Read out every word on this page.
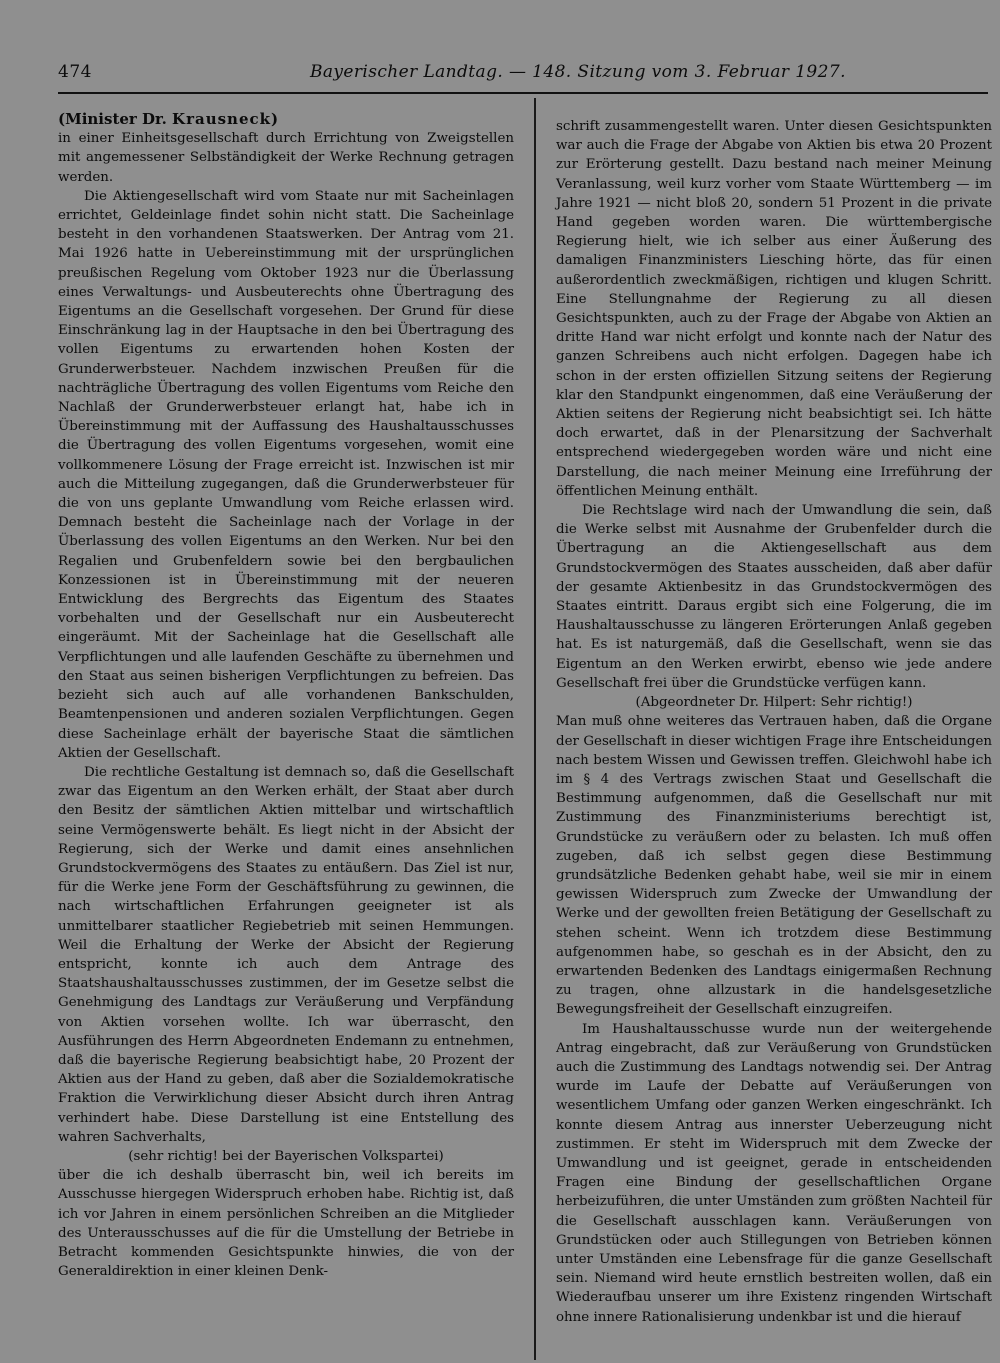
474	Bayerischer Landtag. — 148. Sitzung vom 3. Februar 1927.

(Minister Dr. Krausneck)

in einer Einheitsgesellschaft durch Errichtung von Zweigstellen mit angemessener Selbständigkeit der Werke Rechnung getragen werden.

Die Aktiengesellschaft wird vom Staate nur mit Sacheinlagen errichtet, Geldeinlage findet sohin nicht statt. Die Sacheinlage besteht in den vorhandenen Staatswerken. Der Antrag vom 21. Mai 1926 hatte in Uebereinstimmung mit der ursprünglichen preußischen Regelung vom Oktober 1923 nur die Überlassung eines Verwaltungs- und Ausbeuterechts ohne Übertragung des Eigentums an die Gesellschaft vorgesehen. Der Grund für diese Einschränkung lag in der Hauptsache in den bei Übertragung des vollen Eigentums zu erwartenden hohen Kosten der Grunderwerbsteuer. Nachdem inzwischen Preußen für die nachträgliche Übertragung des vollen Eigentums vom Reiche den Nachlaß der Grunderwerbsteuer erlangt hat, habe ich in Übereinstimmung mit der Auffassung des Haushaltausschusses die Übertragung des vollen Eigentums vorgesehen, womit eine vollkommenere Lösung der Frage erreicht ist. Inzwischen ist mir auch die Mitteilung zugegangen, daß die Grunderwerbsteuer für die von uns geplante Umwandlung vom Reiche erlassen wird. Demnach besteht die Sacheinlage nach der Vorlage in der Überlassung des vollen Eigentums an den Werken. Nur bei den Regalien und Grubenfeldern sowie bei den bergbaulichen Konzessionen ist in Übereinstimmung mit der neueren Entwicklung des Bergrechts das Eigentum des Staates vorbehalten und der Gesellschaft nur ein Ausbeuterecht eingeräumt. Mit der Sacheinlage hat die Gesellschaft alle Verpflichtungen und alle laufenden Geschäfte zu übernehmen und den Staat aus seinen bisherigen Verpflichtungen zu befreien. Das bezieht sich auch auf alle vorhandenen Bankschulden, Beamtenpensionen und anderen sozialen Verpflichtungen. Gegen diese Sacheinlage erhält der bayerische Staat die sämtlichen Aktien der Gesellschaft.

Die rechtliche Gestaltung ist demnach so, daß die Gesellschaft zwar das Eigentum an den Werken erhält, der Staat aber durch den Besitz der sämtlichen Aktien mittelbar und wirtschaftlich seine Vermögenswerte behält. Es liegt nicht in der Absicht der Regierung, sich der Werke und damit eines ansehnlichen Grundstockvermögens des Staates zu entäußern. Das Ziel ist nur, für die Werke jene Form der Geschäftsführung zu gewinnen, die nach wirtschaftlichen Erfahrungen geeigneter ist als unmittelbarer staatlicher Regiebetrieb mit seinen Hemmungen. Weil die Erhaltung der Werke der Absicht der Regierung entspricht, konnte ich auch dem Antrage des Staatshaushaltausschusses zustimmen, der im Gesetze selbst die Genehmigung des Landtags zur Veräußerung und Verpfändung von Aktien vorsehen wollte. Ich war überrascht, den Ausführungen des Herrn Abgeordneten Endemann zu entnehmen, daß die bayerische Regierung beabsichtigt habe, 20 Prozent der Aktien aus der Hand zu geben, daß aber die Sozialdemokratische Fraktion die Verwirklichung dieser Absicht durch ihren Antrag verhindert habe. Diese Darstellung ist eine Entstellung des wahren Sachverhalts,

(sehr richtig! bei der Bayerischen Volkspartei)

über die ich deshalb überrascht bin, weil ich bereits im Ausschusse hiergegen Widerspruch erhoben habe. Richtig ist, daß ich vor Jahren in einem persönlichen Schreiben an die Mitglieder des Unterausschusses auf die für die Umstellung der Betriebe in Betracht kommenden Gesichtspunkte hinwies, die von der Generaldirektion in einer kleinen Denk-

schrift zusammengestellt waren. Unter diesen Gesichtspunkten war auch die Frage der Abgabe von Aktien bis etwa 20 Prozent zur Erörterung gestellt. Dazu bestand nach meiner Meinung Veranlassung, weil kurz vorher vom Staate Württemberg — im Jahre 1921 — nicht bloß 20, sondern 51 Prozent in die private Hand gegeben worden waren. Die württembergische Regierung hielt, wie ich selber aus einer Äußerung des damaligen Finanzministers Liesching hörte, das für einen außerordentlich zweckmäßigen, richtigen und klugen Schritt. Eine Stellungnahme der Regierung zu all diesen Gesichtspunkten, auch zu der Frage der Abgabe von Aktien an dritte Hand war nicht erfolgt und konnte nach der Natur des ganzen Schreibens auch nicht erfolgen. Dagegen habe ich schon in der ersten offiziellen Sitzung seitens der Regierung klar den Standpunkt eingenommen, daß eine Veräußerung der Aktien seitens der Regierung nicht beabsichtigt sei. Ich hätte doch erwartet, daß in der Plenarsitzung der Sachverhalt entsprechend wiedergegeben worden wäre und nicht eine Darstellung, die nach meiner Meinung eine Irreführung der öffentlichen Meinung enthält.

Die Rechtslage wird nach der Umwandlung die sein, daß die Werke selbst mit Ausnahme der Grubenfelder durch die Übertragung an die Aktiengesellschaft aus dem Grundstockvermögen des Staates ausscheiden, daß aber dafür der gesamte Aktienbesitz in das Grundstockvermögen des Staates eintritt. Daraus ergibt sich eine Folgerung, die im Haushaltausschusse zu längeren Erörterungen Anlaß gegeben hat. Es ist naturgemäß, daß die Gesellschaft, wenn sie das Eigentum an den Werken erwirbt, ebenso wie jede andere Gesellschaft frei über die Grundstücke verfügen kann.

(Abgeordneter Dr. Hilpert: Sehr richtig!)

Man muß ohne weiteres das Vertrauen haben, daß die Organe der Gesellschaft in dieser wichtigen Frage ihre Entscheidungen nach bestem Wissen und Gewissen treffen. Gleichwohl habe ich im § 4 des Vertrags zwischen Staat und Gesellschaft die Bestimmung aufgenommen, daß die Gesellschaft nur mit Zustimmung des Finanzministeriums berechtigt ist, Grundstücke zu veräußern oder zu belasten. Ich muß offen zugeben, daß ich selbst gegen diese Bestimmung grundsätzliche Bedenken gehabt habe, weil sie mir in einem gewissen Widerspruch zum Zwecke der Umwandlung der Werke und der gewollten freien Betätigung der Gesellschaft zu stehen scheint. Wenn ich trotzdem diese Bestimmung aufgenommen habe, so geschah es in der Absicht, den zu erwartenden Bedenken des Landtags einigermaßen Rechnung zu tragen, ohne allzustark in die handelsgesetzliche Bewegungsfreiheit der Gesellschaft einzugreifen.

Im Haushaltausschusse wurde nun der weitergehende Antrag eingebracht, daß zur Veräußerung von Grundstücken auch die Zustimmung des Landtags notwendig sei. Der Antrag wurde im Laufe der Debatte auf Veräußerungen von wesentlichem Umfang oder ganzen Werken eingeschränkt. Ich konnte diesem Antrag aus innerster Ueberzeugung nicht zustimmen. Er steht im Widerspruch mit dem Zwecke der Umwandlung und ist geeignet, gerade in entscheidenden Fragen eine Bindung der gesellschaftlichen Organe herbeizuführen, die unter Umständen zum größten Nachteil für die Gesellschaft ausschlagen kann. Veräußerungen von Grundstücken oder auch Stillegungen von Betrieben können unter Umständen eine Lebensfrage für die ganze Gesellschaft sein. Niemand wird heute ernstlich bestreiten wollen, daß ein Wiederaufbau unserer um ihre Existenz ringenden Wirtschaft ohne innere Rationalisierung undenkbar ist und die hierauf
